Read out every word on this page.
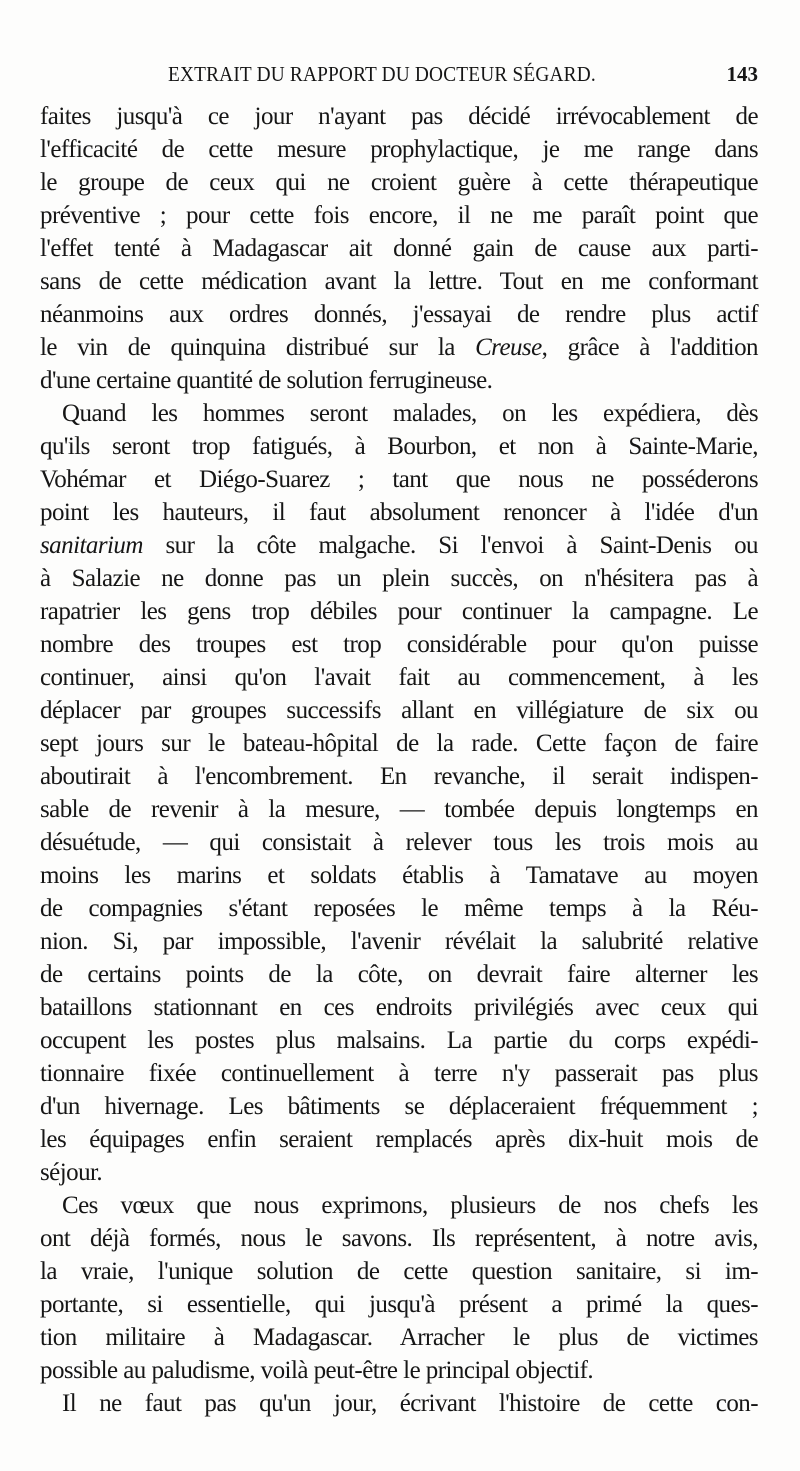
EXTRAIT DU RAPPORT DU DOCTEUR SÉGARD.	143
faites jusqu'à ce jour n'ayant pas décidé irrévocablement de
l'efficacité de cette mesure prophylactique, je me range dans
le groupe de ceux qui ne croient guère à cette thérapeutique
préventive ; pour cette fois encore, il ne me paraît point que
l'effet tenté à Madagascar ait donné gain de cause aux parti-
sans de cette médication avant la lettre. Tout en me conformant
néanmoins aux ordres donnés, j'essayai de rendre plus actif
le vin de quinquina distribué sur la Creuse, grâce à l'addition
d'une certaine quantité de solution ferrugineuse.
Quand les hommes seront malades, on les expédiera, dès
qu'ils seront trop fatigués, à Bourbon, et non à Sainte-Marie,
Vohémar et Diégo-Suarez ; tant que nous ne posséderons
point les hauteurs, il faut absolument renoncer à l'idée d'un
sanitarium sur la côte malgache. Si l'envoi à Saint-Denis ou
à Salazie ne donne pas un plein succès, on n'hésitera pas à
rapatrier les gens trop débiles pour continuer la campagne. Le
nombre des troupes est trop considérable pour qu'on puisse
continuer, ainsi qu'on l'avait fait au commencement, à les
déplacer par groupes successifs allant en villégiature de six ou
sept jours sur le bateau-hôpital de la rade. Cette façon de faire
aboutirait à l'encombrement. En revanche, il serait indispen-
sable de revenir à la mesure, — tombée depuis longtemps en
désuétude, — qui consistait à relever tous les trois mois au
moins les marins et soldats établis à Tamatave au moyen
de compagnies s'étant reposées le même temps à la Réu-
nion. Si, par impossible, l'avenir révélait la salubrité relative
de certains points de la côte, on devrait faire alterner les
bataillons stationnant en ces endroits privilégiés avec ceux qui
occupent les postes plus malsains. La partie du corps expédi-
tionnaire fixée continuellement à terre n'y passerait pas plus
d'un hivernage. Les bâtiments se déplaceraient fréquemment ;
les équipages enfin seraient remplacés après dix-huit mois de
séjour.
Ces vœux que nous exprimons, plusieurs de nos chefs les
ont déjà formés, nous le savons. Ils représentent, à notre avis,
la vraie, l'unique solution de cette question sanitaire, si im-
portante, si essentielle, qui jusqu'à présent a primé la ques-
tion militaire à Madagascar. Arracher le plus de victimes
possible au paludisme, voilà peut-être le principal objectif.
Il ne faut pas qu'un jour, écrivant l'histoire de cette con-
